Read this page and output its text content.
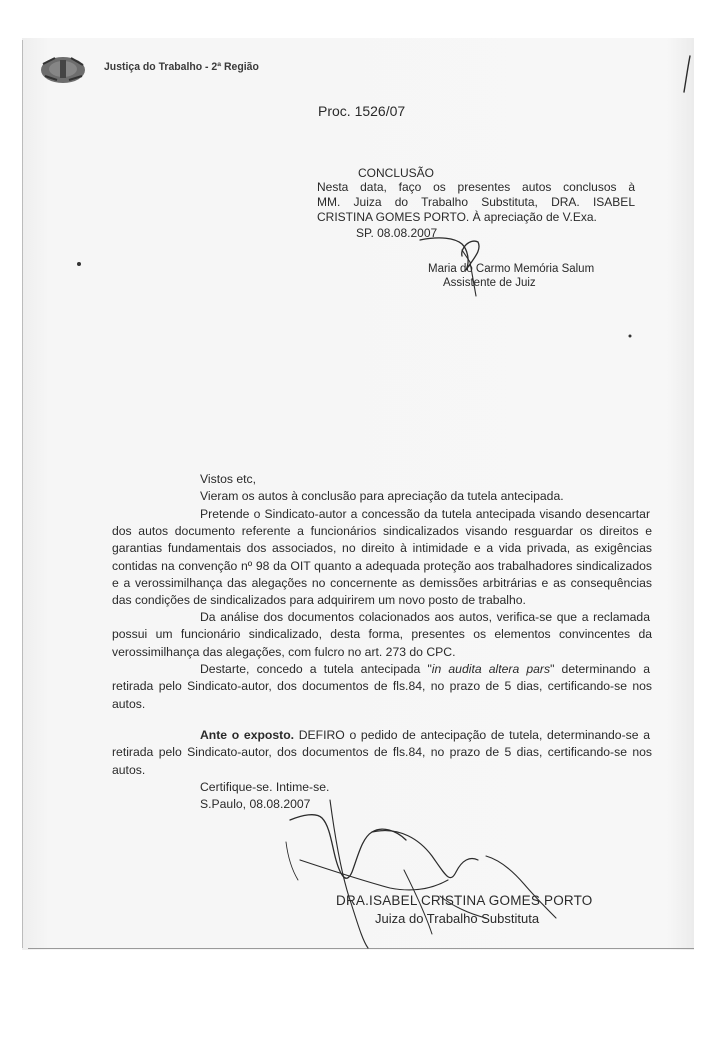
Justiça do Trabalho - 2ª Região
Proc. 1526/07
CONCLUSÃO
Nesta data, faço os presentes autos conclusos à
MM. Juiza do Trabalho Substituta, DRA. ISABEL
CRISTINA GOMES PORTO. À apreciação de V.Exa.
SP. 08.08.2007
Maria do Carmo Memória Salum
Assistente de Juiz
Vistos etc,
Vieram os autos à conclusão para apreciação da tutela antecipada.
Pretende o Sindicato-autor a concessão da tutela antecipada visando desencartar
dos autos documento referente a funcionários sindicalizados visando resguardar os direitos e
garantias fundamentais dos associados, no direito à intimidade e a vida privada, as exigências
contidas na convenção nº 98 da OIT quanto a adequada proteção aos trabalhadores sindicalizados
e a verossimilhança das alegações no concernente as demissões arbitrárias e as consequências
das condições de sindicalizados para adquirirem um novo posto de trabalho.
Da análise dos documentos colacionados aos autos, verifica-se que a reclamada
possui um funcionário sindicalizado, desta forma, presentes os elementos convincentes da
verossimilhança das alegações, com fulcro no art. 273 do CPC.
Destarte, concedo a tutela antecipada "in audita altera pars" determinando a
retirada pelo Sindicato-autor, dos documentos de fls.84, no prazo de 5 dias, certificando-se nos
autos.
Ante o exposto. DEFIRO o pedido de antecipação de tutela, determinando-se a
retirada pelo Sindicato-autor, dos documentos de fls.84, no prazo de 5 dias, certificando-se nos
autos.
Certifique-se. Intime-se.
S.Paulo, 08.08.2007
DRA.ISABEL CRISTINA GOMES PORTO
Juiza do Trabalho Substituta
